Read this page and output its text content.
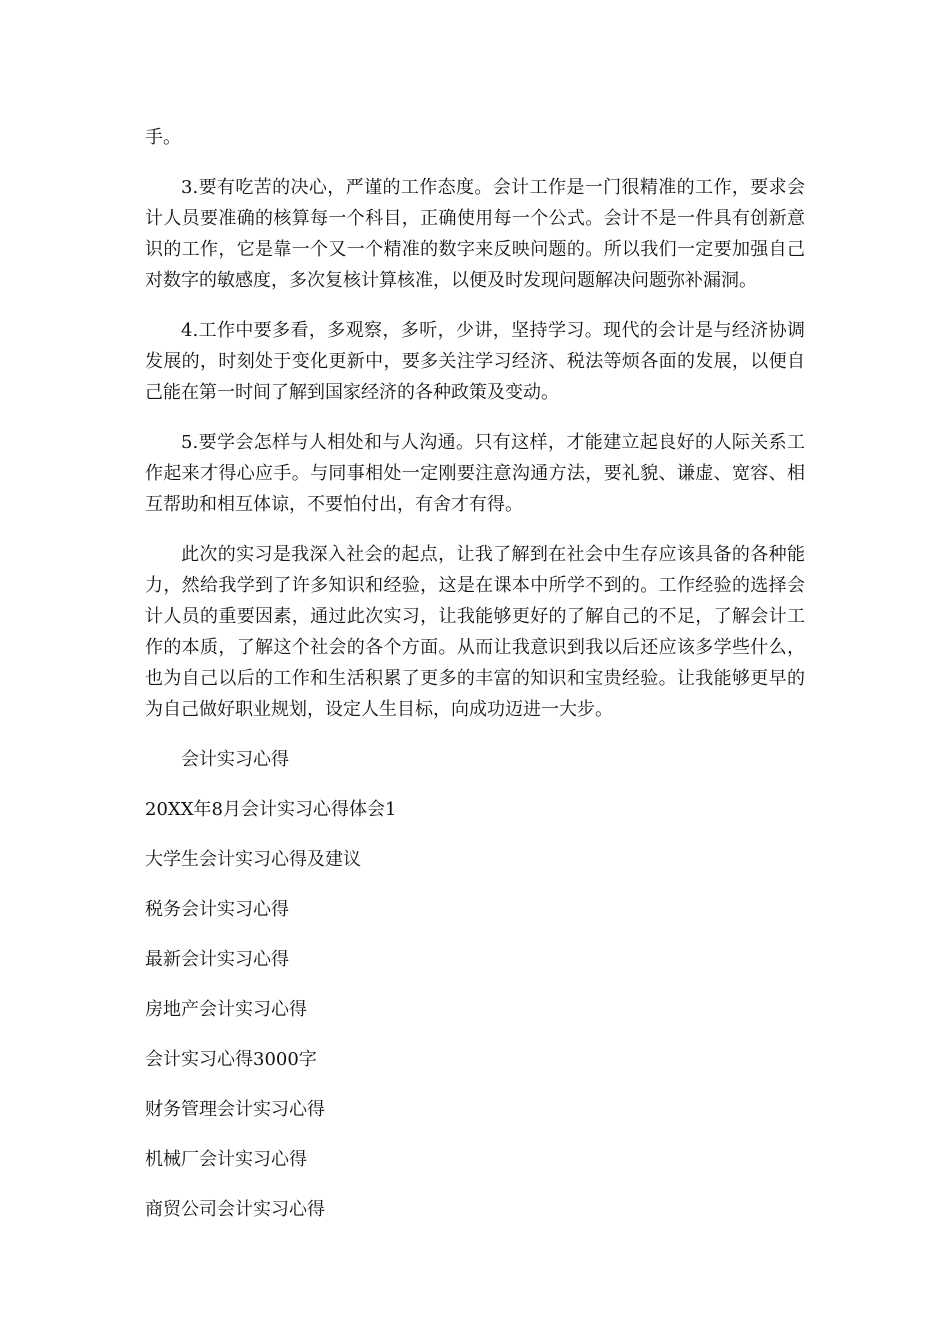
手。

3.要有吃苦的决心，严谨的工作态度。会计工作是一门很精准的工作，要求会计人员要准确的核算每一个科目，正确使用每一个公式。会计不是一件具有创新意识的工作，它是靠一个又一个精准的数字来反映问题的。所以我们一定要加强自己对数字的敏感度，多次复核计算核准，以便及时发现问题解决问题弥补漏洞。

4.工作中要多看，多观察，多听，少讲，坚持学习。现代的会计是与经济协调发展的，时刻处于变化更新中，要多关注学习经济、税法等烦各面的发展，以便自己能在第一时间了解到国家经济的各种政策及变动。

5.要学会怎样与人相处和与人沟通。只有这样，才能建立起良好的人际关系工作起来才得心应手。与同事相处一定刚要注意沟通方法，要礼貌、谦虚、宽容、相互帮助和相互体谅，不要怕付出，有舍才有得。

此次的实习是我深入社会的起点，让我了解到在社会中生存应该具备的各种能力，然给我学到了许多知识和经验，这是在课本中所学不到的。工作经验的选择会计人员的重要因素，通过此次实习，让我能够更好的了解自己的不足，了解会计工作的本质，了解这个社会的各个方面。从而让我意识到我以后还应该多学些什么，也为自己以后的工作和生活积累了更多的丰富的知识和宝贵经验。让我能够更早的为自己做好职业规划，设定人生目标，向成功迈进一大步。

会计实习心得
20XX年8月会计实习心得体会1
大学生会计实习心得及建议
税务会计实习心得
最新会计实习心得
房地产会计实习心得
会计实习心得3000字
财务管理会计实习心得
机械厂会计实习心得
商贸公司会计实习心得
